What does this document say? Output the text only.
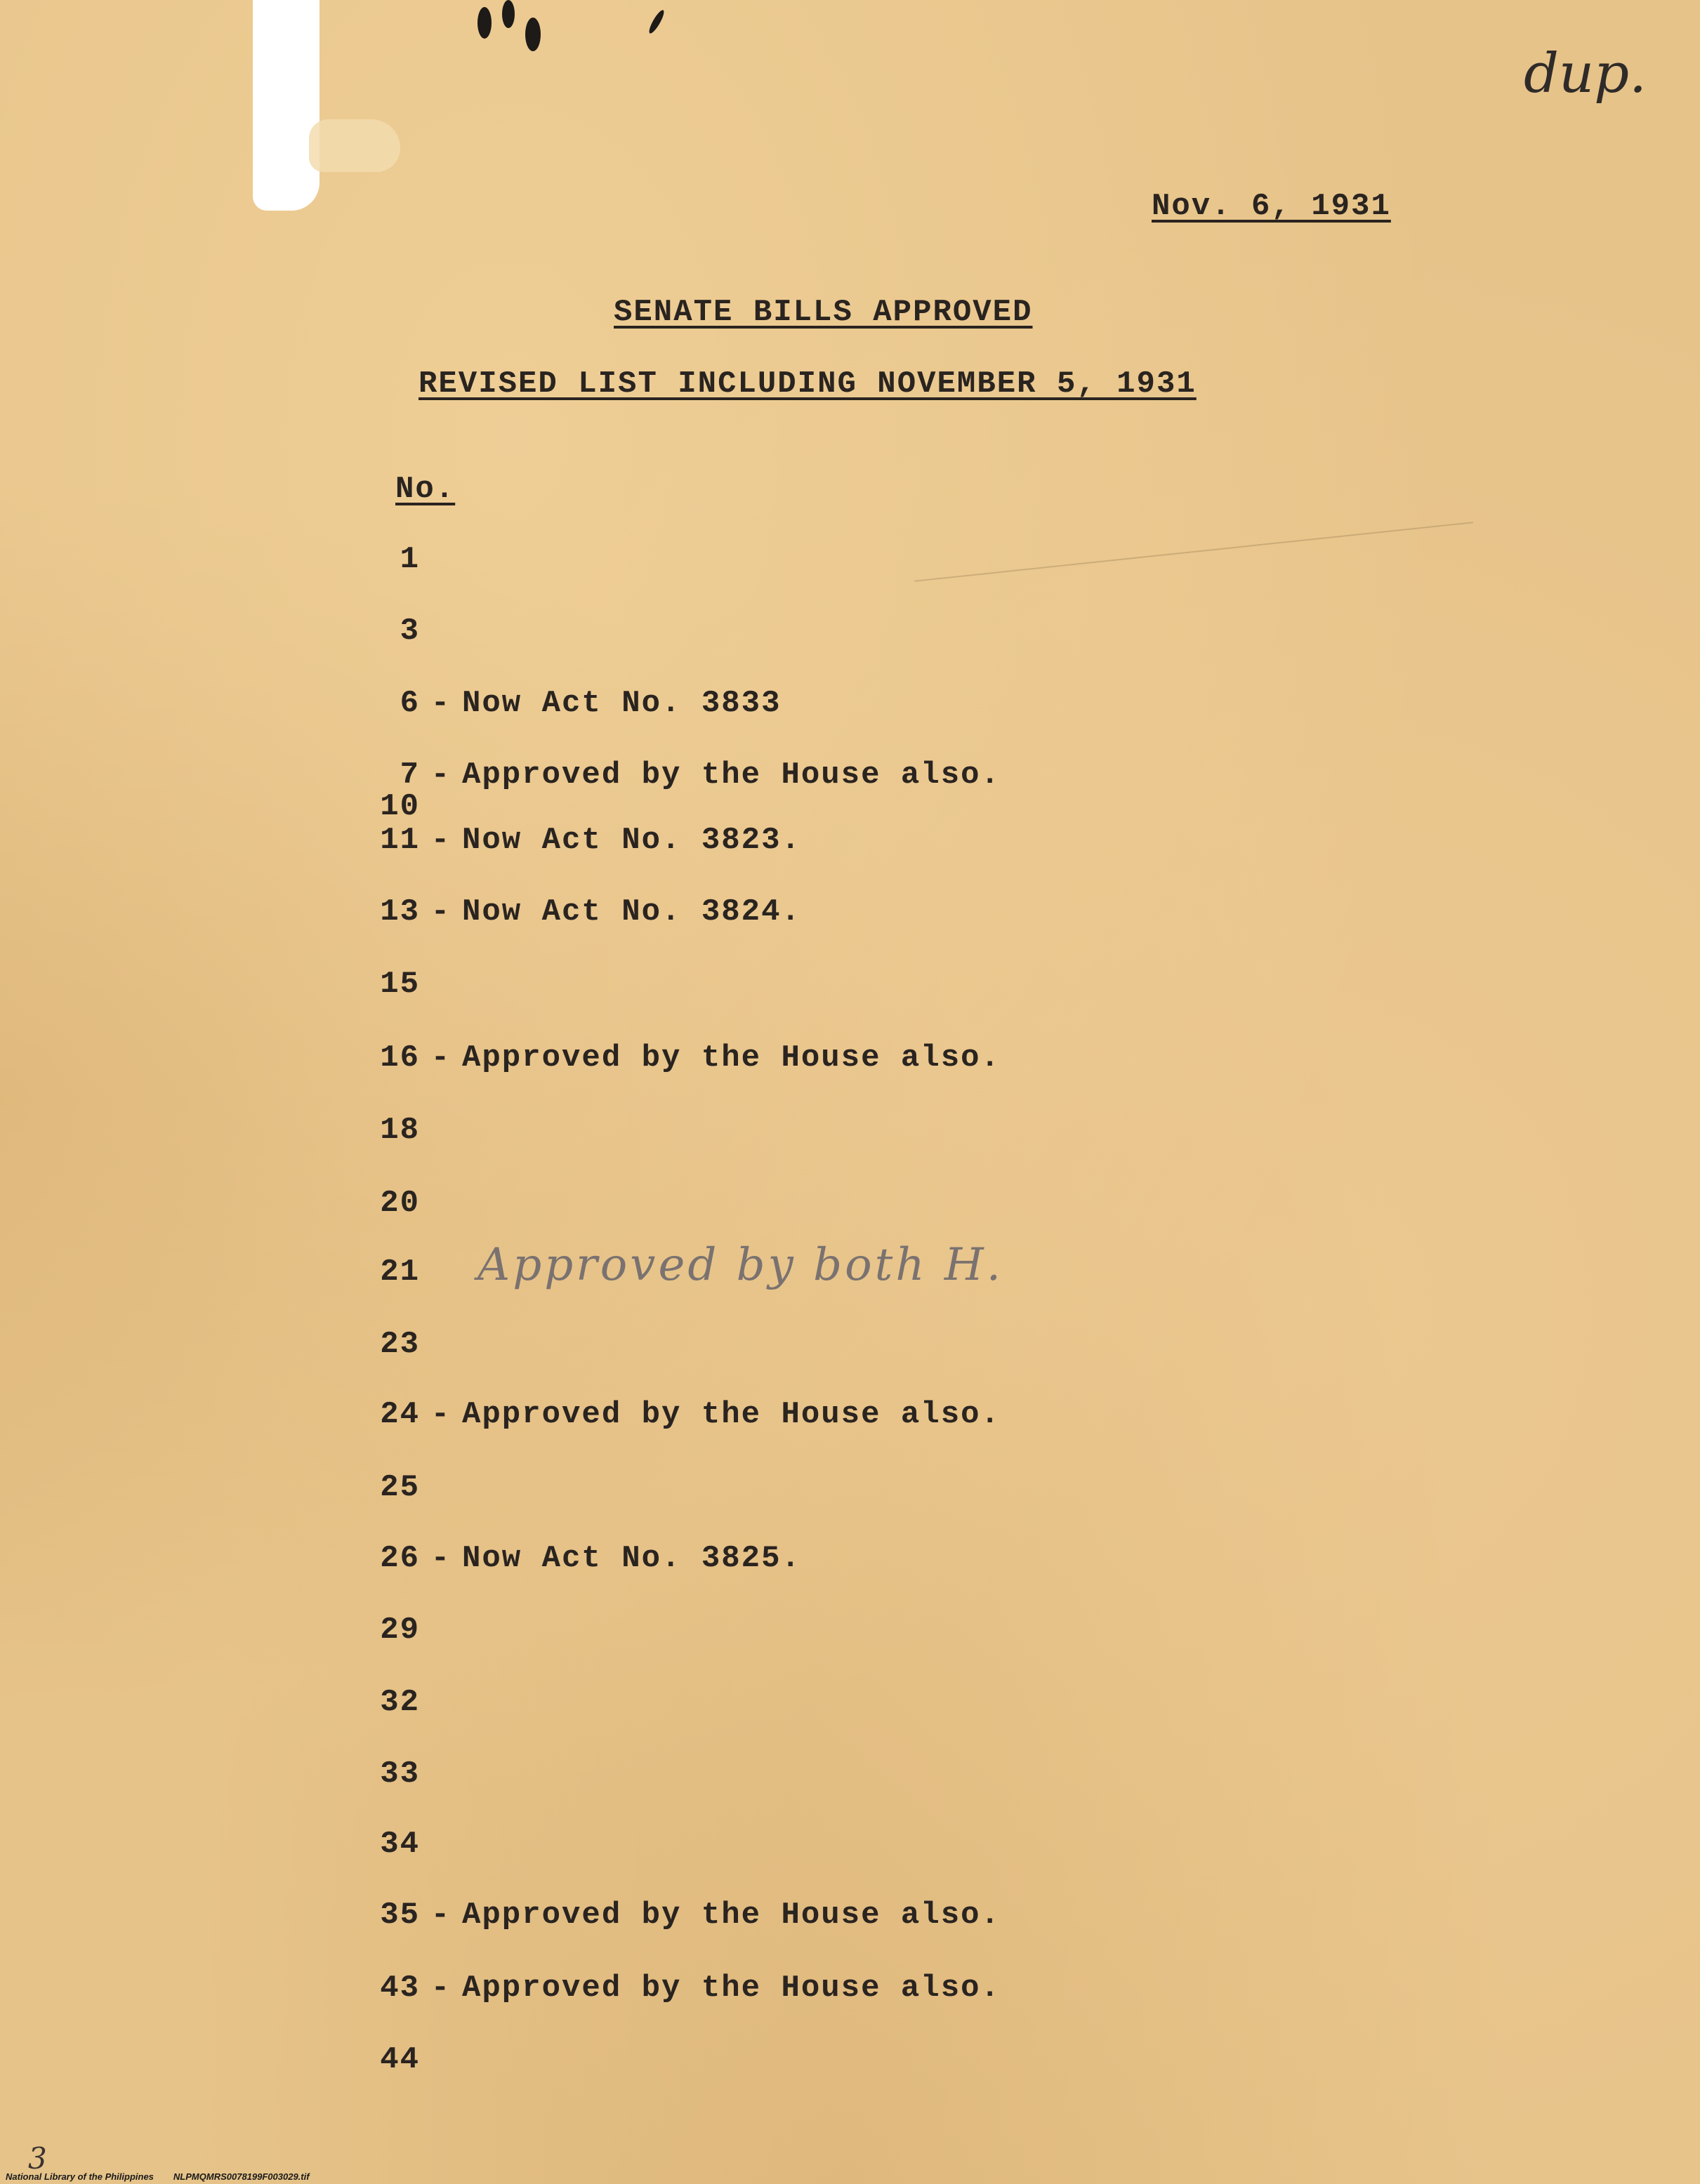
dup.
Nov. 6, 1931
SENATE BILLS APPROVED
REVISED LIST INCLUDING NOVEMBER 5, 1931
No.
1
3
6 - Now Act No. 3833
7 - Approved by the House also.
10
11 - Now Act No. 3823.
13 - Now Act No. 3824.
15
16 - Approved by the House also.
18
20
21
23
24 - Approved by the House also.
25
26 - Now Act No. 3825.
29
32
33
34
35 - Approved by the House also.
43 - Approved by the House also.
44
Approved by both H.
3
National Library of the Philippines NLPMQMRS0078199F003029.tif
